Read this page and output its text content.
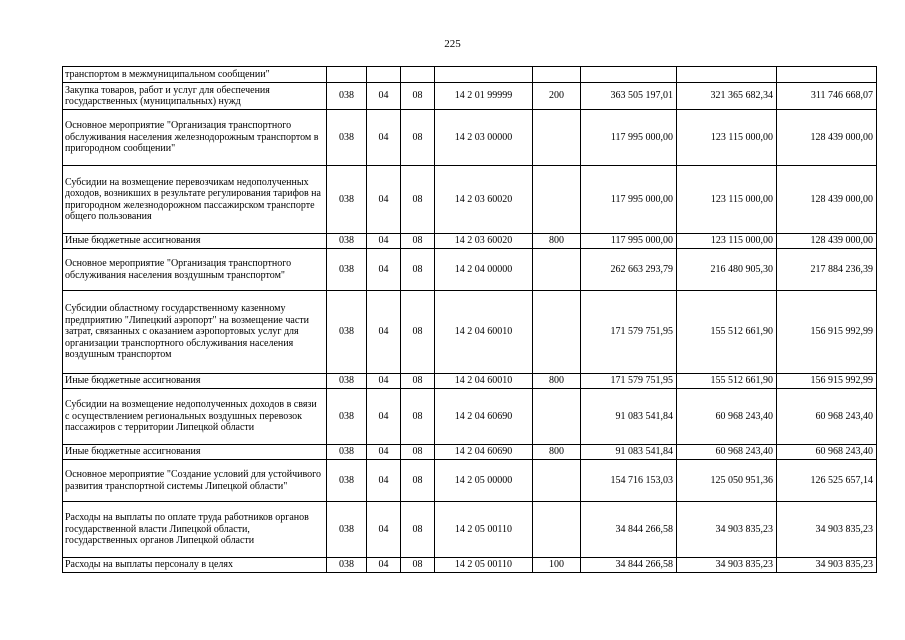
225
транспортом в межмуниципальном сообщении"								
Закупка товаров, работ и услуг для обеспечения государственных (муниципальных) нужд	038	04	08	14 2 01 99999	200	363 505 197,01	321 365 682,34	311 746 668,07
Основное мероприятие "Организация транспортного обслуживания населения железнодорожным транспортом в пригородном сообщении"	038	04	08	14 2 03 00000		117 995 000,00	123 115 000,00	128 439 000,00
Субсидии на возмещение перевозчикам недополученных доходов, возникших в результате регулирования тарифов на пригородном железнодорожном пассажирском транспорте общего пользования	038	04	08	14 2 03 60020		117 995 000,00	123 115 000,00	128 439 000,00
Иные бюджетные ассигнования	038	04	08	14 2 03 60020	800	117 995 000,00	123 115 000,00	128 439 000,00
Основное мероприятие "Организация транспортного обслуживания населения воздушным транспортом"	038	04	08	14 2 04 00000		262 663 293,79	216 480 905,30	217 884 236,39
Субсидии областному государственному казенному предприятию "Липецкий аэропорт" на возмещение части затрат, связанных с оказанием аэропортовых услуг для организации транспортного обслуживания населения воздушным транспортом	038	04	08	14 2 04 60010		171 579 751,95	155 512 661,90	156 915 992,99
Иные бюджетные ассигнования	038	04	08	14 2 04 60010	800	171 579 751,95	155 512 661,90	156 915 992,99
Субсидии на возмещение недополученных доходов в связи с осуществлением региональных воздушных перевозок пассажиров с территории Липецкой области	038	04	08	14 2 04 60690		91 083 541,84	60 968 243,40	60 968 243,40
Иные бюджетные ассигнования	038	04	08	14 2 04 60690	800	91 083 541,84	60 968 243,40	60 968 243,40
Основное мероприятие "Создание условий для устойчивого развития транспортной системы Липецкой области"	038	04	08	14 2 05 00000		154 716 153,03	125 050 951,36	126 525 657,14
Расходы на выплаты по оплате труда работников органов государственной власти Липецкой области, государственных органов Липецкой области	038	04	08	14 2 05 00110		34 844 266,58	34 903 835,23	34 903 835,23
Расходы на выплаты персоналу в целях	038	04	08	14 2 05 00110	100	34 844 266,58	34 903 835,23	34 903 835,23
